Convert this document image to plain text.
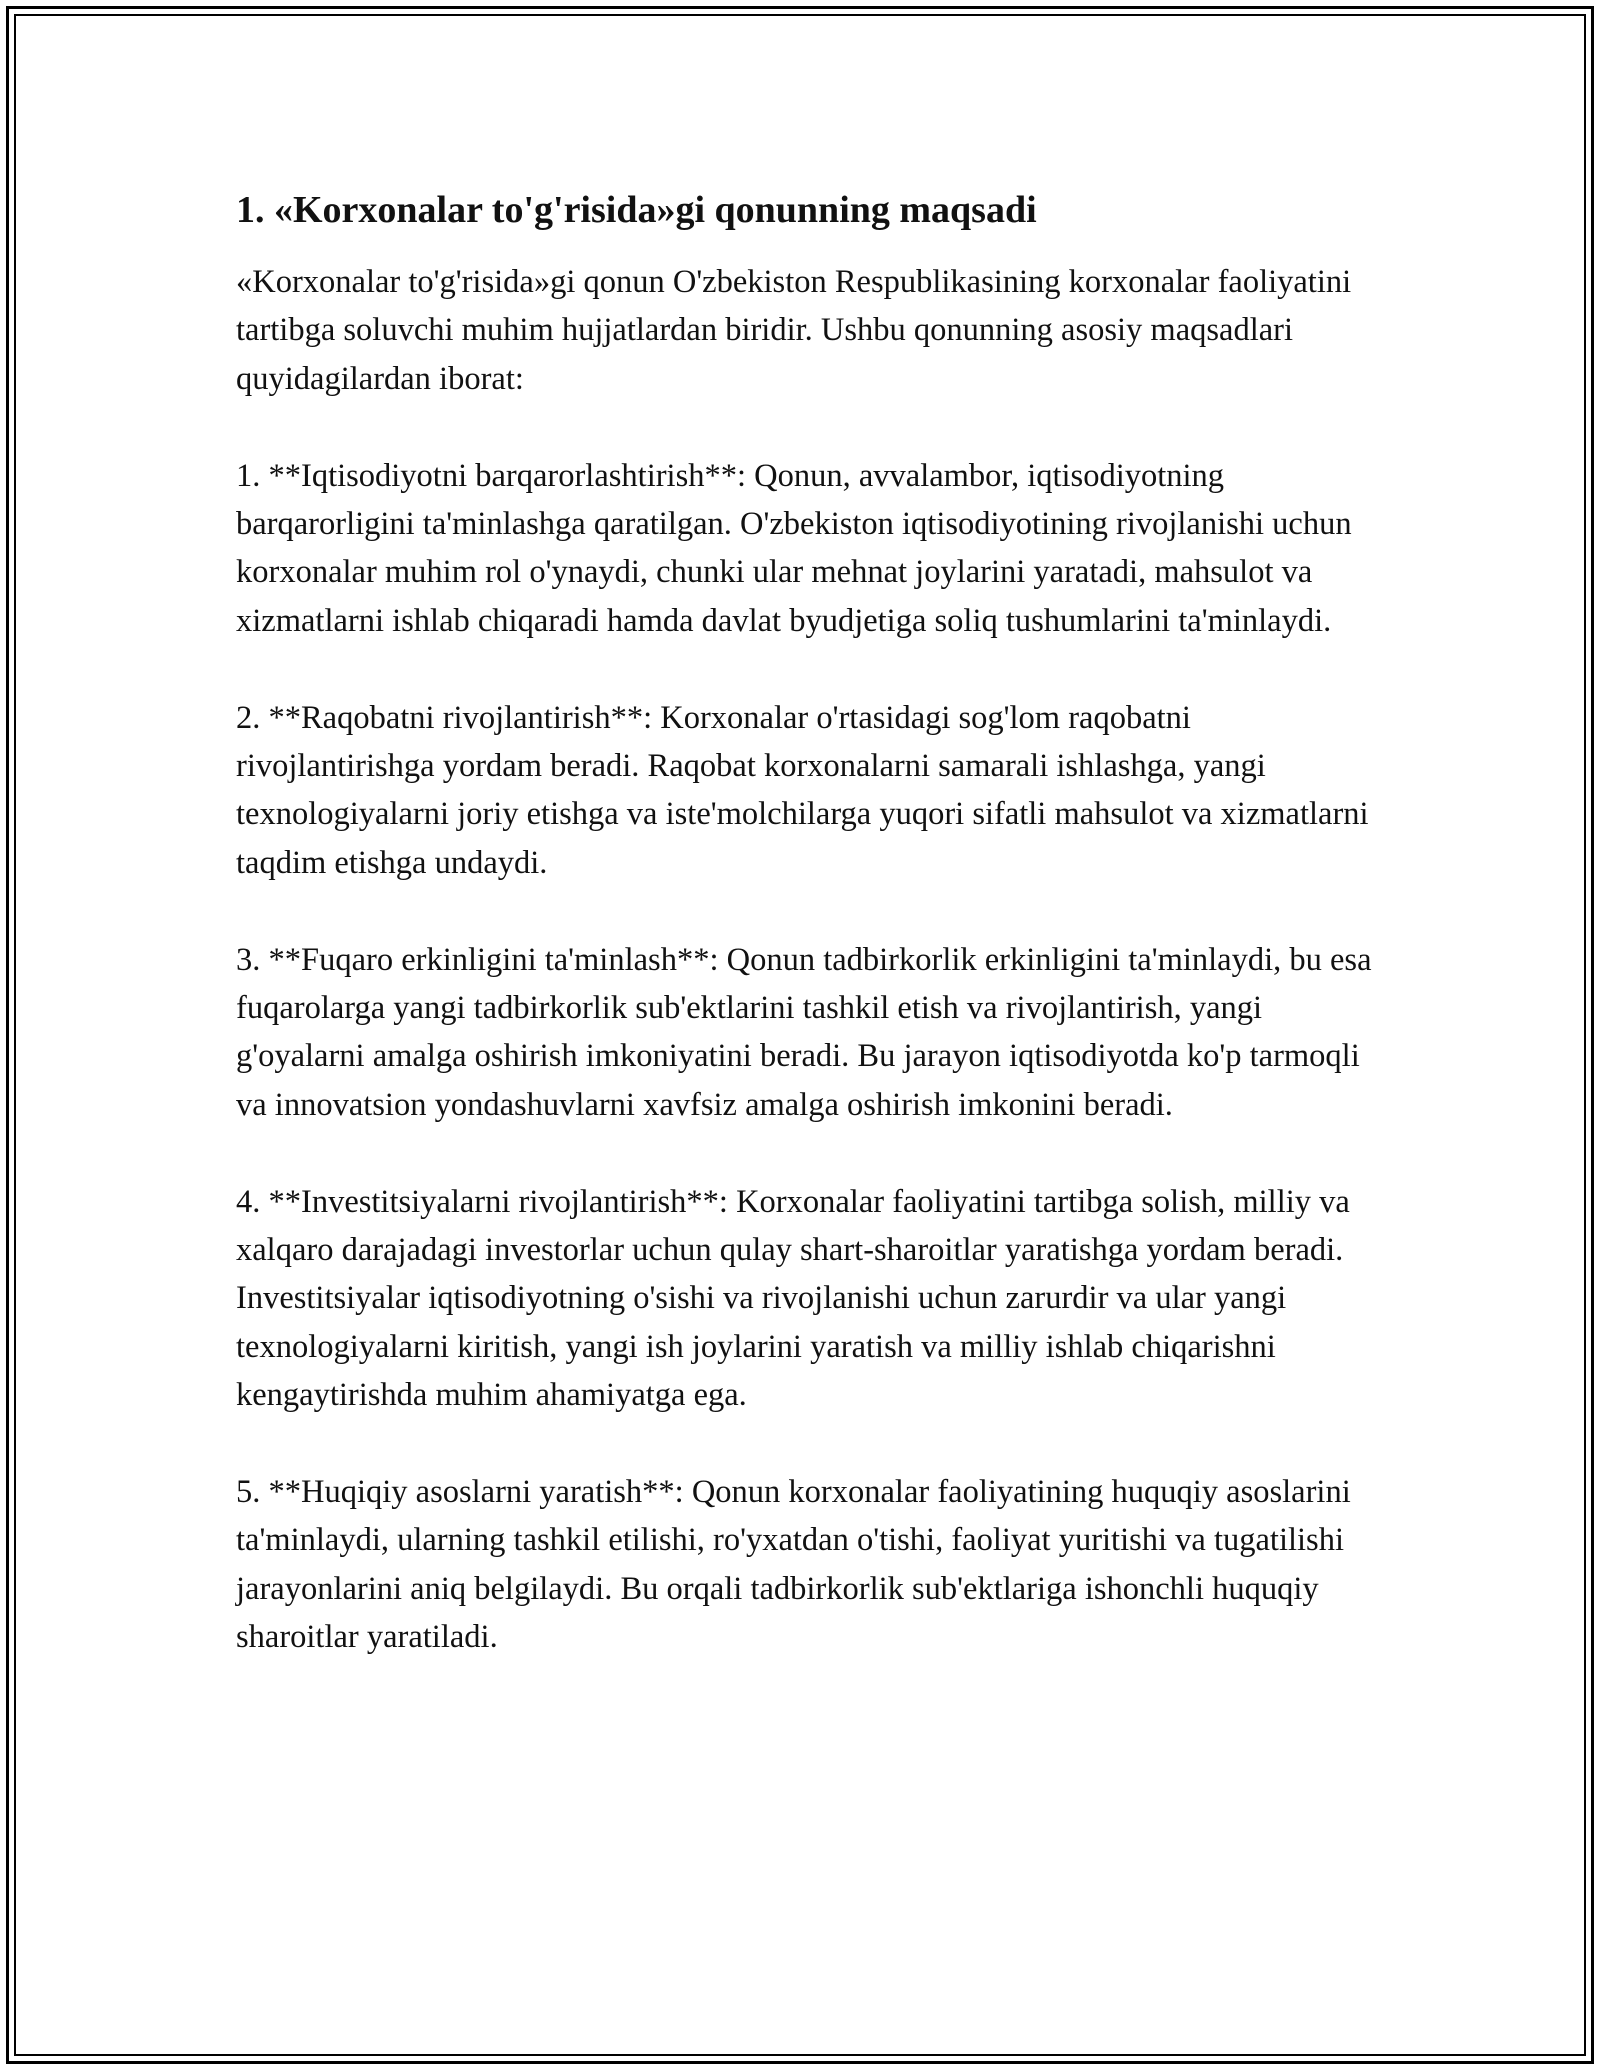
1. «Korxonalar to'g'risida»gi qonunning maqsadi

«Korxonalar to'g'risida»gi qonun O'zbekiston Respublikasining korxonalar faoliyatini tartibga soluvchi muhim hujjatlardan biridir. Ushbu qonunning asosiy maqsadlari quyidagilardan iborat:

1. **Iqtisodiyotni barqarorlashtirish**: Qonun, avvalambor, iqtisodiyotning barqarorligini ta'minlashga qaratilgan. O'zbekiston iqtisodiyotining rivojlanishi uchun korxonalar muhim rol o'ynaydi, chunki ular mehnat joylarini yaratadi, mahsulot va xizmatlarni ishlab chiqaradi hamda davlat byudjetiga soliq tushumlarini ta'minlaydi.

2. **Raqobatni rivojlantirish**: Korxonalar o'rtasidagi sog'lom raqobatni rivojlantirishga yordam beradi. Raqobat korxonalarni samarali ishlashga, yangi texnologiyalarni joriy etishga va iste'molchilarga yuqori sifatli mahsulot va xizmatlarni taqdim etishga undaydi.

3. **Fuqaro erkinligini ta'minlash**: Qonun tadbirkorlik erkinligini ta'minlaydi, bu esa fuqarolarga yangi tadbirkorlik sub'ektlarini tashkil etish va rivojlantirish, yangi g'oyalarni amalga oshirish imkoniyatini beradi. Bu jarayon iqtisodiyotda ko'p tarmoqli va innovatsion yondashuvlarni xavfsiz amalga oshirish imkonini beradi.

4. **Investitsiyalarni rivojlantirish**: Korxonalar faoliyatini tartibga solish, milliy va xalqaro darajadagi investorlar uchun qulay shart-sharoitlar yaratishga yordam beradi. Investitsiyalar iqtisodiyotning o'sishi va rivojlanishi uchun zarurdir va ular yangi texnologiyalarni kiritish, yangi ish joylarini yaratish va milliy ishlab chiqarishni kengaytirishda muhim ahamiyatga ega.

5. **Huqiqiy asoslarni yaratish**: Qonun korxonalar faoliyatining huquqiy asoslarini ta'minlaydi, ularning tashkil etilishi, ro'yxatdan o'tishi, faoliyat yuritishi va tugatilishi jarayonlarini aniq belgilaydi. Bu orqali tadbirkorlik sub'ektlariga ishonchli huquqiy sharoitlar yaratiladi.
